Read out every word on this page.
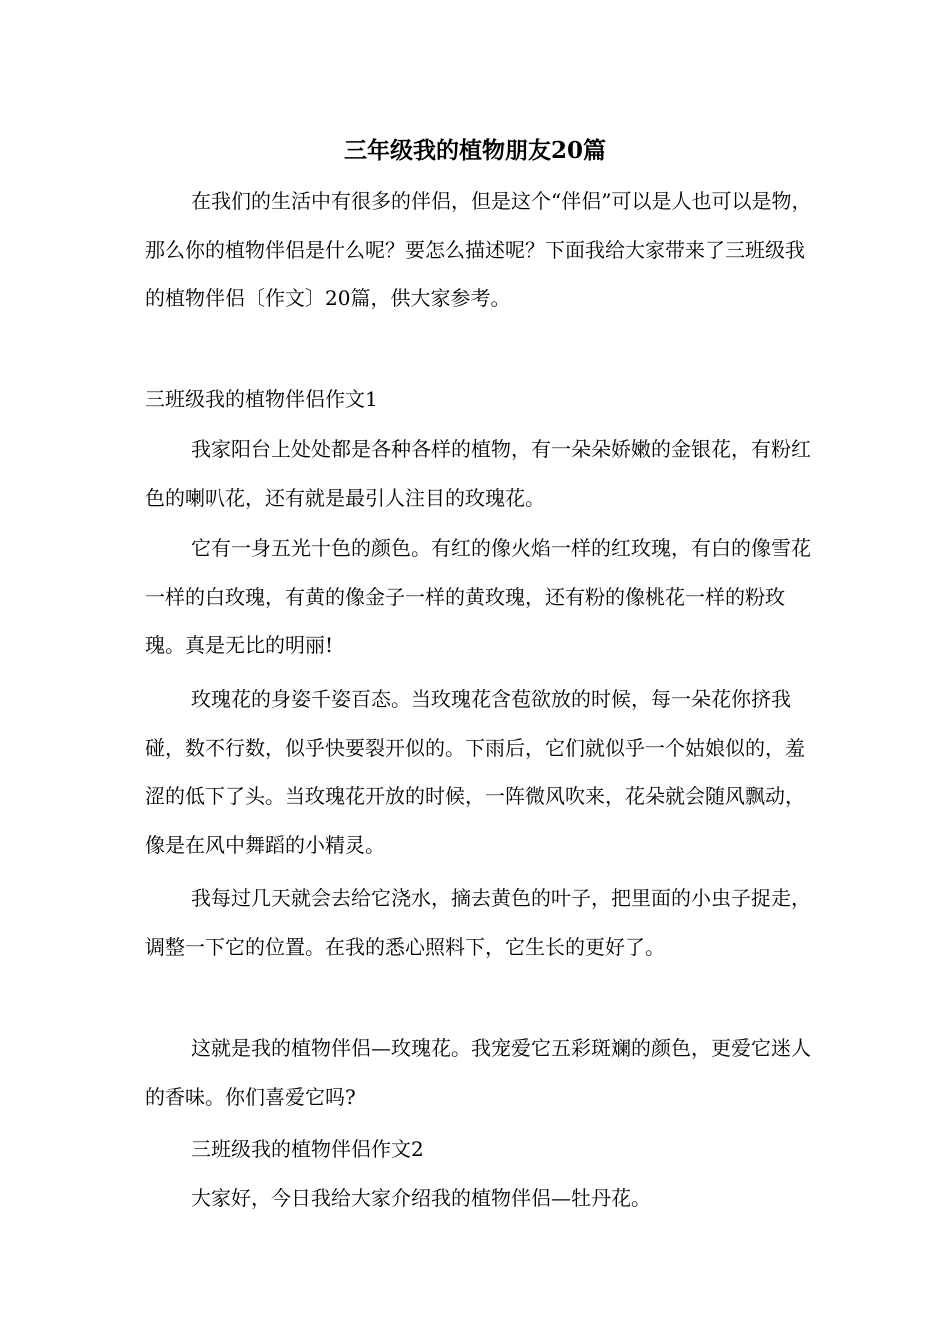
三年级我的植物朋友20篇

在我们的生活中有很多的伴侣，但是这个“伴侣”可以是人也可以是物，那么你的植物伴侣是什么呢？要怎么描述呢？下面我给大家带来了三班级我的植物伴侣〔作文〕20篇，供大家参考。

三班级我的植物伴侣作文1

我家阳台上处处都是各种各样的植物，有一朵朵娇嫩的金银花，有粉红色的喇叭花，还有就是最引人注目的玫瑰花。

它有一身五光十色的颜色。有红的像火焰一样的红玫瑰，有白的像雪花一样的白玫瑰，有黄的像金子一样的黄玫瑰，还有粉的像桃花一样的粉玫瑰。真是无比的明丽!

玫瑰花的身姿千姿百态。当玫瑰花含苞欲放的时候，每一朵花你挤我碰，数不行数，似乎快要裂开似的。下雨后，它们就似乎一个姑娘似的，羞涩的低下了头。当玫瑰花开放的时候，一阵微风吹来，花朵就会随风飘动，像是在风中舞蹈的小精灵。

我每过几天就会去给它浇水，摘去黄色的叶子，把里面的小虫子捉走，调整一下它的位置。在我的悉心照料下，它生长的更好了。

这就是我的植物伴侣—玫瑰花。我宠爱它五彩斑斓的颜色，更爱它迷人的香味。你们喜爱它吗?

三班级我的植物伴侣作文2

大家好，今日我给大家介绍我的植物伴侣—牡丹花。
